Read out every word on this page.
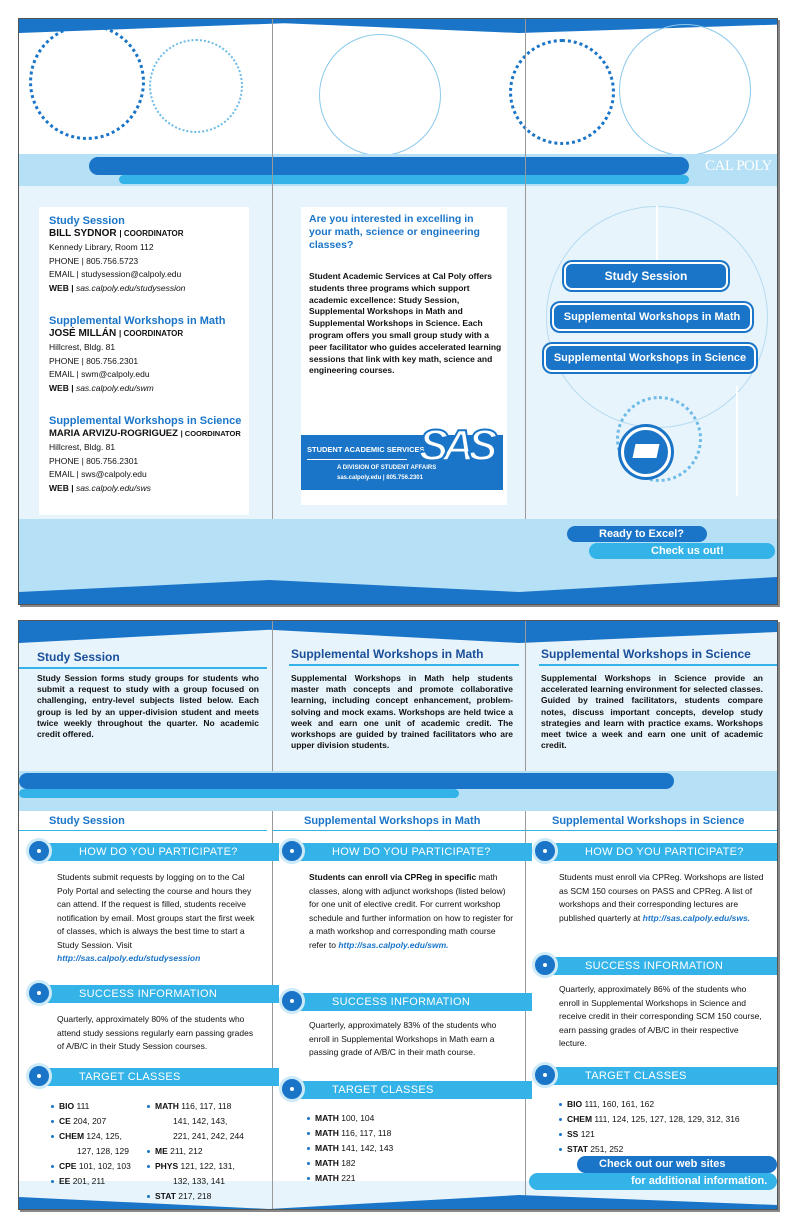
CAL POLY

Study Session

BILL SYDNOR | COORDINATOR

Kennedy Library, Room 112

PHONE | 805.756.5723

EMAIL | studysession@calpoly.edu

WEB | sas.calpoly.edu/studysession

Supplemental Workshops in Math

JOSÉ MILLÁN | COORDINATOR

Hillcrest, Bldg. 81

PHONE | 805.756.2301

EMAIL | swm@calpoly.edu

WEB | sas.calpoly.edu/swm

Supplemental Workshops in Science

MARIA ARVIZU-ROGRIGUEZ | COORDINATOR

Hillcrest, Bldg. 81

PHONE | 805.756.2301

EMAIL | sws@calpoly.edu

WEB | sas.calpoly.edu/sws

Are you interested in excelling in your math, science or engineering classes?

Student Academic Services at Cal Poly offers students three programs which support academic excellence: Study Session, Supplemental Workshops in Math and Supplemental Workshops in Science. Each program offers you small group study with a peer facilitator who guides accelerated learning sessions that link with key math, science and engineering courses.

STUDENT ACADEMIC SERVICES

SAS

A DIVISION OF STUDENT AFFAIRS

sas.calpoly.edu | 805.756.2301

Study Session
Supplemental Workshops in Math
Supplemental Workshops in Science

Ready to Excel?

Check us out!

Study Session

Study Session forms study groups for students who submit a request to study with a group focused on challenging, entry-level subjects listed below. Each group is led by an upper-division student and meets twice weekly throughout the quarter. No academic credit offered.

Supplemental Workshops in Math

Supplemental Workshops in Math help students master math concepts and promote collaborative learning, including concept enhancement, problem-solving and mock exams. Workshops are held twice a week and earn one unit of academic credit. The workshops are guided by trained facilitators who are upper division students.

Supplemental Workshops in Science

Supplemental Workshops in Science provide an accelerated learning environment for selected classes. Guided by trained facilitators, students compare notes, discuss important concepts, develop study strategies and learn with practice exams. Workshops meet twice a week and earn one unit of academic credit.

Study Session

HOW DO YOU PARTICIPATE?

Students submit requests by logging on to the Cal Poly Portal and selecting the course and hours they can attend. If the request is filled, students receive notification by email. Most groups start the first week of classes, which is always the best time to start a Study Session. Visit http://sas.calpoly.edu/studysession

SUCCESS INFORMATION

Quarterly, approximately 80% of the students who attend study sessions regularly earn passing grades of A/B/C in their Study Session courses.

TARGET CLASSES
BIO 111
CE 204, 207
CHEM 124, 125,
127, 128, 129
CPE 101, 102, 103
EE 201, 211
MATH 116, 117, 118
141, 142, 143,
221, 241, 242, 244
ME 211, 212
PHYS 121, 122, 131,
132, 133, 141
STAT 217, 218

Supplemental Workshops in Math

HOW DO YOU PARTICIPATE?

Students can enroll via CPReg in specific math classes, along with adjunct workshops (listed below) for one unit of elective credit. For current workshop schedule and further information on how to register for a math workshop and corresponding math course refer to http://sas.calpoly.edu/swm.

SUCCESS INFORMATION

Quarterly, approximately 83% of the students who enroll in Supplemental Workshops in Math earn a passing grade of A/B/C in their math course.

TARGET CLASSES
MATH 100, 104
MATH 116, 117, 118
MATH 141, 142, 143
MATH 182
MATH 221

Supplemental Workshops in Science

HOW DO YOU PARTICIPATE?

Students must enroll via CPReg. Workshops are listed as SCM 150 courses on PASS and CPReg. A list of workshops and their corresponding lectures are published quarterly at http://sas.calpoly.edu/sws.

SUCCESS INFORMATION

Quarterly, approximately 86% of the students who enroll in Supplemental Workshops in Science and receive credit in their corresponding SCM 150 course, earn passing grades of A/B/C in their respective lecture.

TARGET CLASSES
BIO 111, 160, 161, 162
CHEM 111, 124, 125, 127, 128, 129, 312, 316
SS 121
STAT 251, 252

Check out our web sites

for additional information.
